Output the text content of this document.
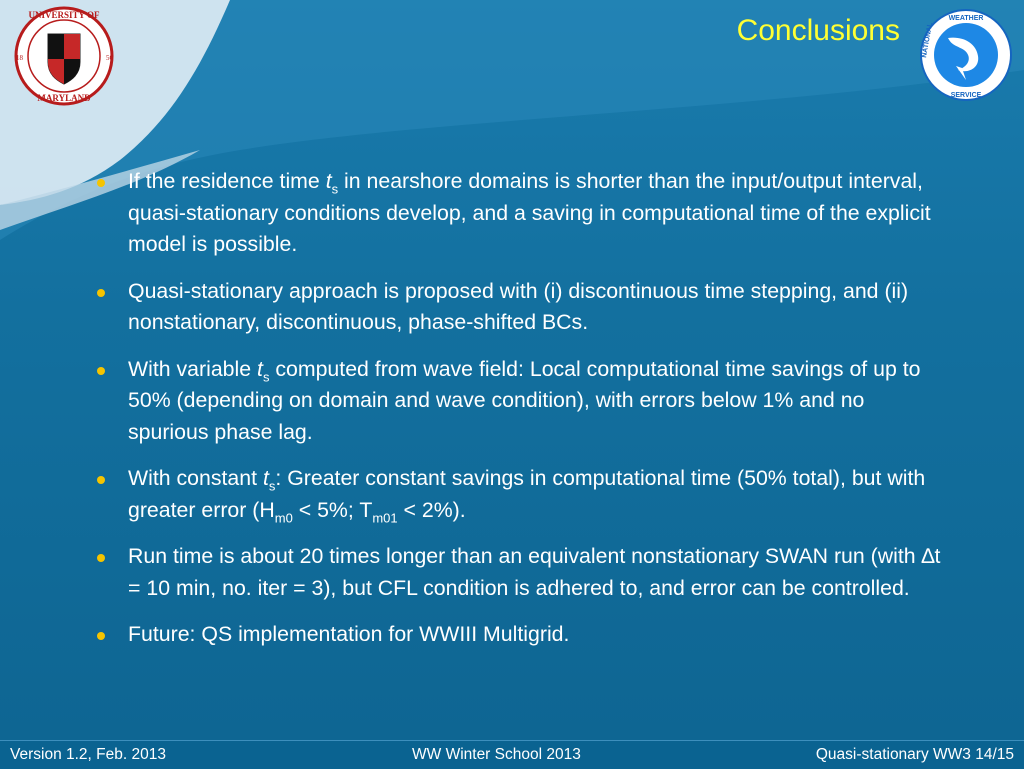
UNIVERSITY OF
MARYLAND
56
18
Conclusions	WEATHER
SERVICE
NATIONAL
If the residence time $t_s$ in nearshore domains is shorter than the input/output interval, quasi-stationary conditions develop, and a saving in computational time of the explicit model is possible.
Quasi-stationary approach is proposed with (i) discontinuous time stepping, and (ii) nonstationary, discontinuous, phase-shifted BCs.
With variable $t_s$ computed from wave field: Local computational time savings of up to 50% (depending on domain and wave condition), with errors below 1% and no spurious phase lag.
With constant $t_s$: Greater constant savings in computational time (50% total), but with greater error ($H_{m0} < 5\%$; $T_{m01} < 2\%$).
Run time is about 20 times longer than an equivalent nonstationary SWAN run (with ∆t = 10 min, no. iter = 3), but CFL condition is adhered to, and error can be controlled.
Future: QS implementation for WWIII Multigrid.
Version 1.2, Feb. 2013	WW Winter School 2013	Quasi-stationary WW3 14/15
